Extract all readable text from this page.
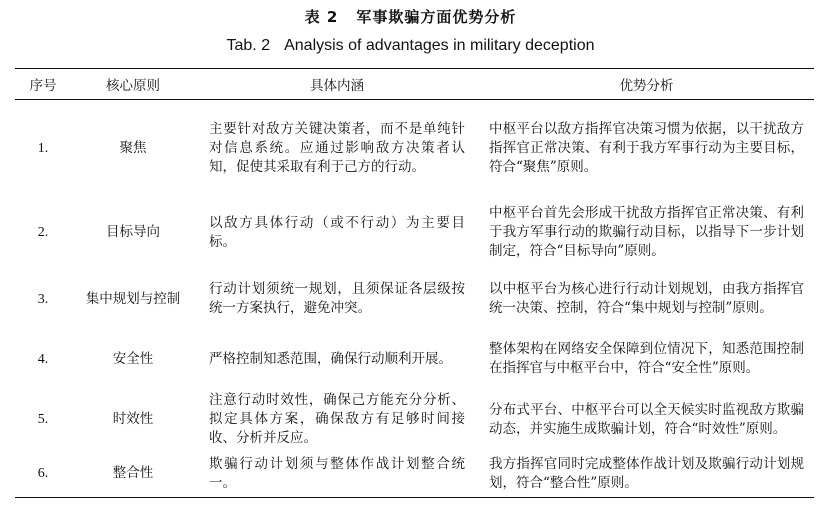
表 2 军事欺骗方面优势分析
Tab. 2 Analysis of advantages in military deception
序号	核心原则	具体内涵	优势分析
1.	聚焦	主要针对敌方关键决策者，而不是单纯针对信息系统。应通过影响敌方决策者认知，促使其采取有利于己方的行动。	中枢平台以敌方指挥官决策习惯为依据，以干扰敌方指挥官正常决策、有利于我方军事行动为主要目标，符合“聚焦”原则。
2.	目标导向	以敌方具体行动（或不行动）为主要目标。	中枢平台首先会形成干扰敌方指挥官正常决策、有利于我方军事行动的欺骗行动目标，以指导下一步计划制定，符合“目标导向”原则。
3.	集中规划与控制	行动计划须统一规划，且须保证各层级按统一方案执行，避免冲突。	以中枢平台为核心进行行动计划规划，由我方指挥官统一决策、控制，符合“集中规划与控制”原则。
4.	安全性	严格控制知悉范围，确保行动顺利开展。	整体架构在网络安全保障到位情况下，知悉范围控制在指挥官与中枢平台中，符合“安全性”原则。
5.	时效性	注意行动时效性，确保己方能充分分析、拟定具体方案，确保敌方有足够时间接收、分析并反应。	分布式平台、中枢平台可以全天候实时监视敌方欺骗动态，并实施生成欺骗计划，符合“时效性”原则。
6.	整合性	欺骗行动计划须与整体作战计划整合统一。	我方指挥官同时完成整体作战计划及欺骗行动计划规划，符合“整合性”原则。
